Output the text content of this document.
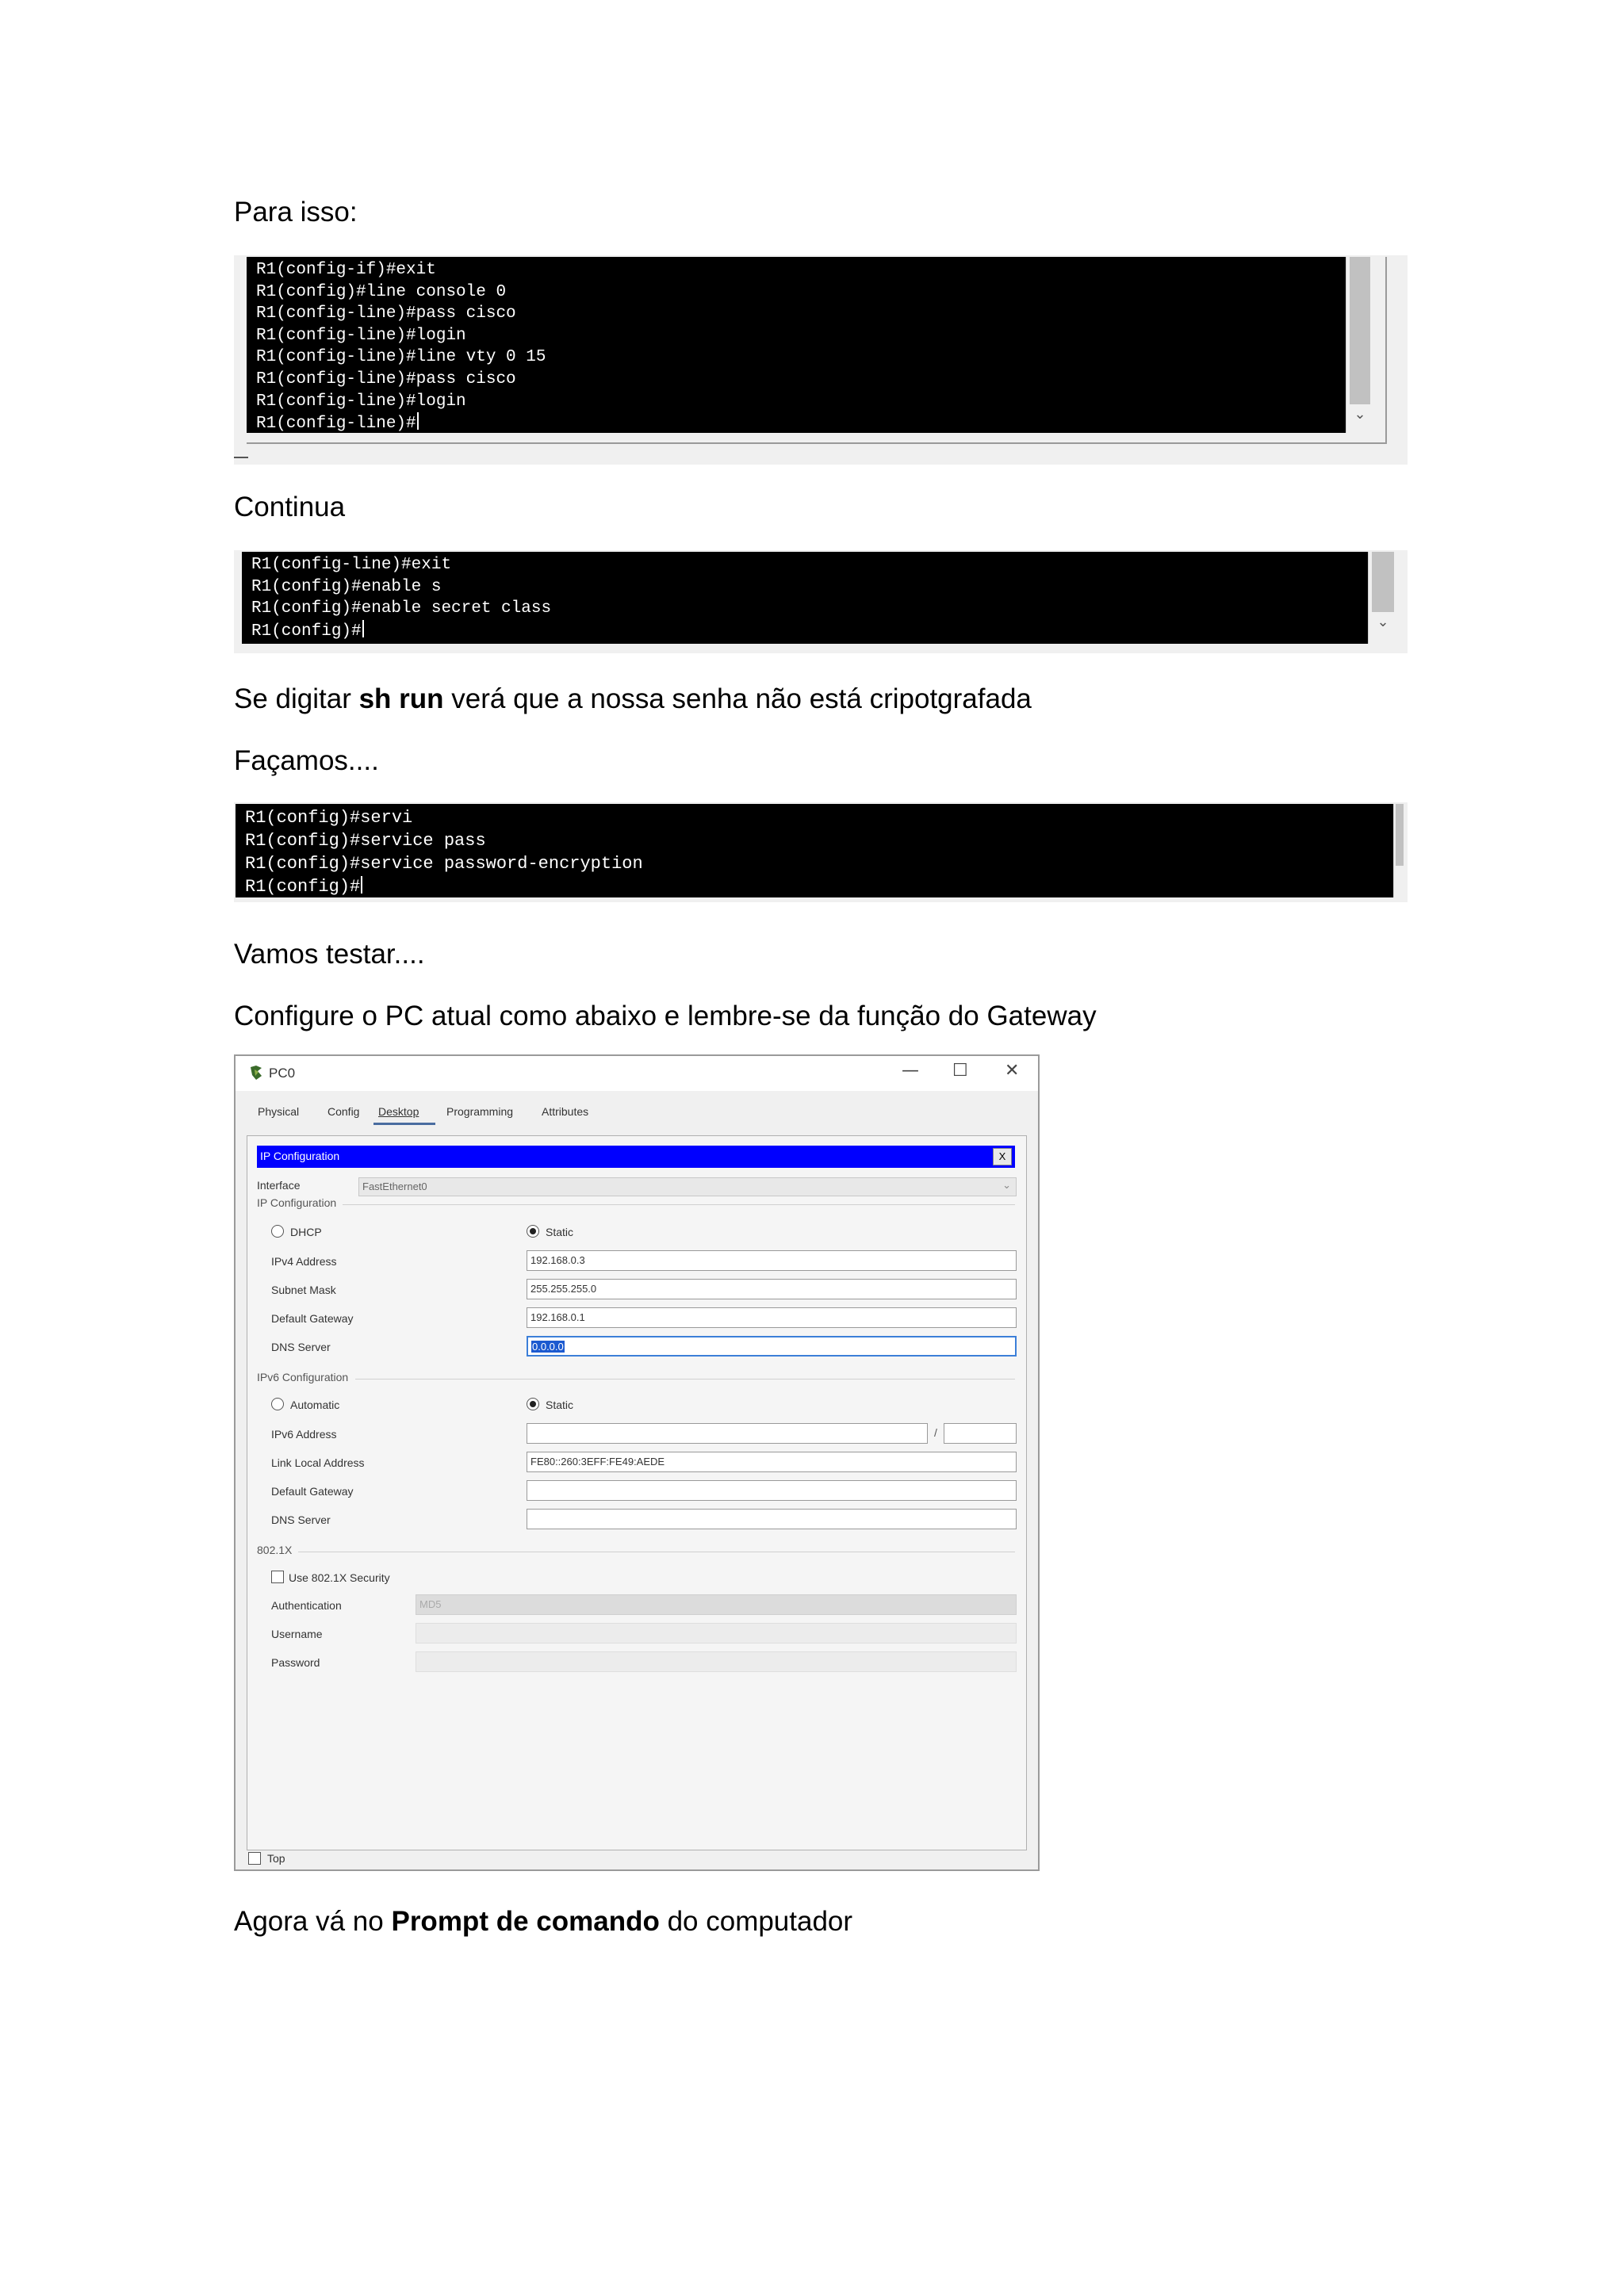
Para isso:
R1(config-if)#exit
R1(config)#line console 0
R1(config-line)#pass cisco
R1(config-line)#login
R1(config-line)#line vty 0 15
R1(config-line)#pass cisco
R1(config-line)#login
R1(config-line)#
⌄
Continua
R1(config-line)#exit
R1(config)#enable s
R1(config)#enable secret class
R1(config)#
⌄
Se digitar sh run verá que a nossa senha não está cripotgrafada
Façamos....
R1(config)#servi
R1(config)#service pass
R1(config)#service password-encryption
R1(config)#
Vamos testar....
Configure o PC atual como abaixo e lembre-se da função do Gateway
PC0	— ☐ ✕
Physical	Config Desktop Programming	Attributes
IP Configuration	X
Interface	FastEthernet0	⌄
IP Configuration
DHCP	Static
IPv4 Address	192.168.0.3
Subnet Mask	255.255.255.0
Default Gateway	192.168.0.1
DNS Server	0.0.0.0
IPv6 Configuration
Automatic	Static
IPv6 Address	/
Link Local Address	FE80::260:3EFF:FE49:AEDE
Default Gateway
DNS Server
802.1X
Use 802.1X Security
Authentication	MD5
Username
Password
Top
Agora vá no Prompt de comando do computador
